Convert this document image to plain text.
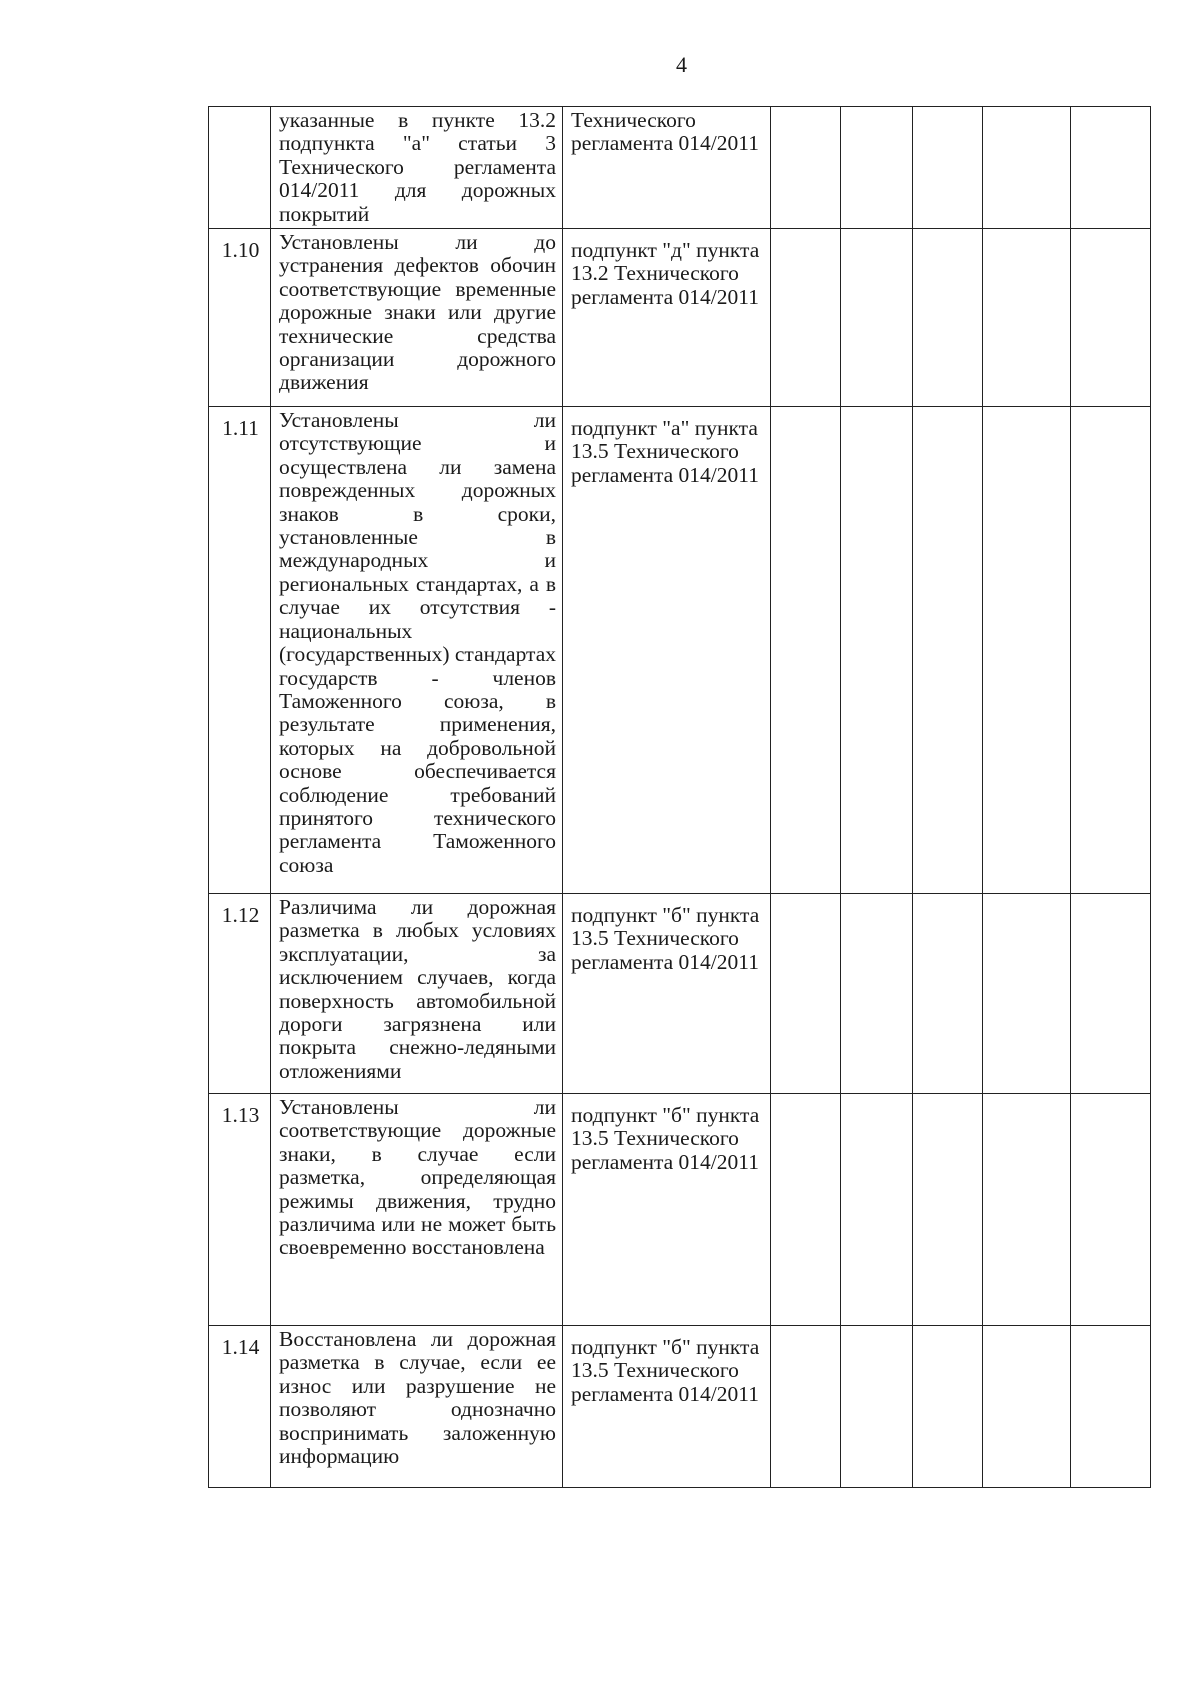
4
	указанные в пункте 13.2 подпункта "а" статьи 3 Технического регламента 014/2011 для дорожных покрытий	Технического регламента 014/2011					
1.10	Установлены ли до устранения дефектов обочин соответствующие временные дорожные знаки или другие технические средства организации дорожного движения	подпункт "д" пункта 13.2 Технического регламента 014/2011					
1.11	Установлены ли отсутствующие и осуществлена ли замена поврежденных дорожных знаков в сроки, установленные в международных и региональных стандартах, а в случае их отсутствия - национальных (государственных) стандартах государств - членов Таможенного союза, в результате применения, которых на добровольной основе обеспечивается соблюдение требований принятого технического регламента Таможенного союза	подпункт "а" пункта 13.5 Технического регламента 014/2011					
1.12	Различима ли дорожная разметка в любых условиях эксплуатации, за исключением случаев, когда поверхность автомобильной дороги загрязнена или покрыта снежно-ледяными отложениями	подпункт "б" пункта 13.5 Технического регламента 014/2011					
1.13	Установлены ли соответствующие дорожные знаки, в случае если разметка, определяющая режимы движения, трудно различима или не может быть своевременно восстановлена	подпункт "б" пункта 13.5 Технического регламента 014/2011					
1.14	Восстановлена ли дорожная разметка в случае, если ее износ или разрушение не позволяют однозначно воспринимать заложенную информацию	подпункт "б" пункта 13.5 Технического регламента 014/2011					
